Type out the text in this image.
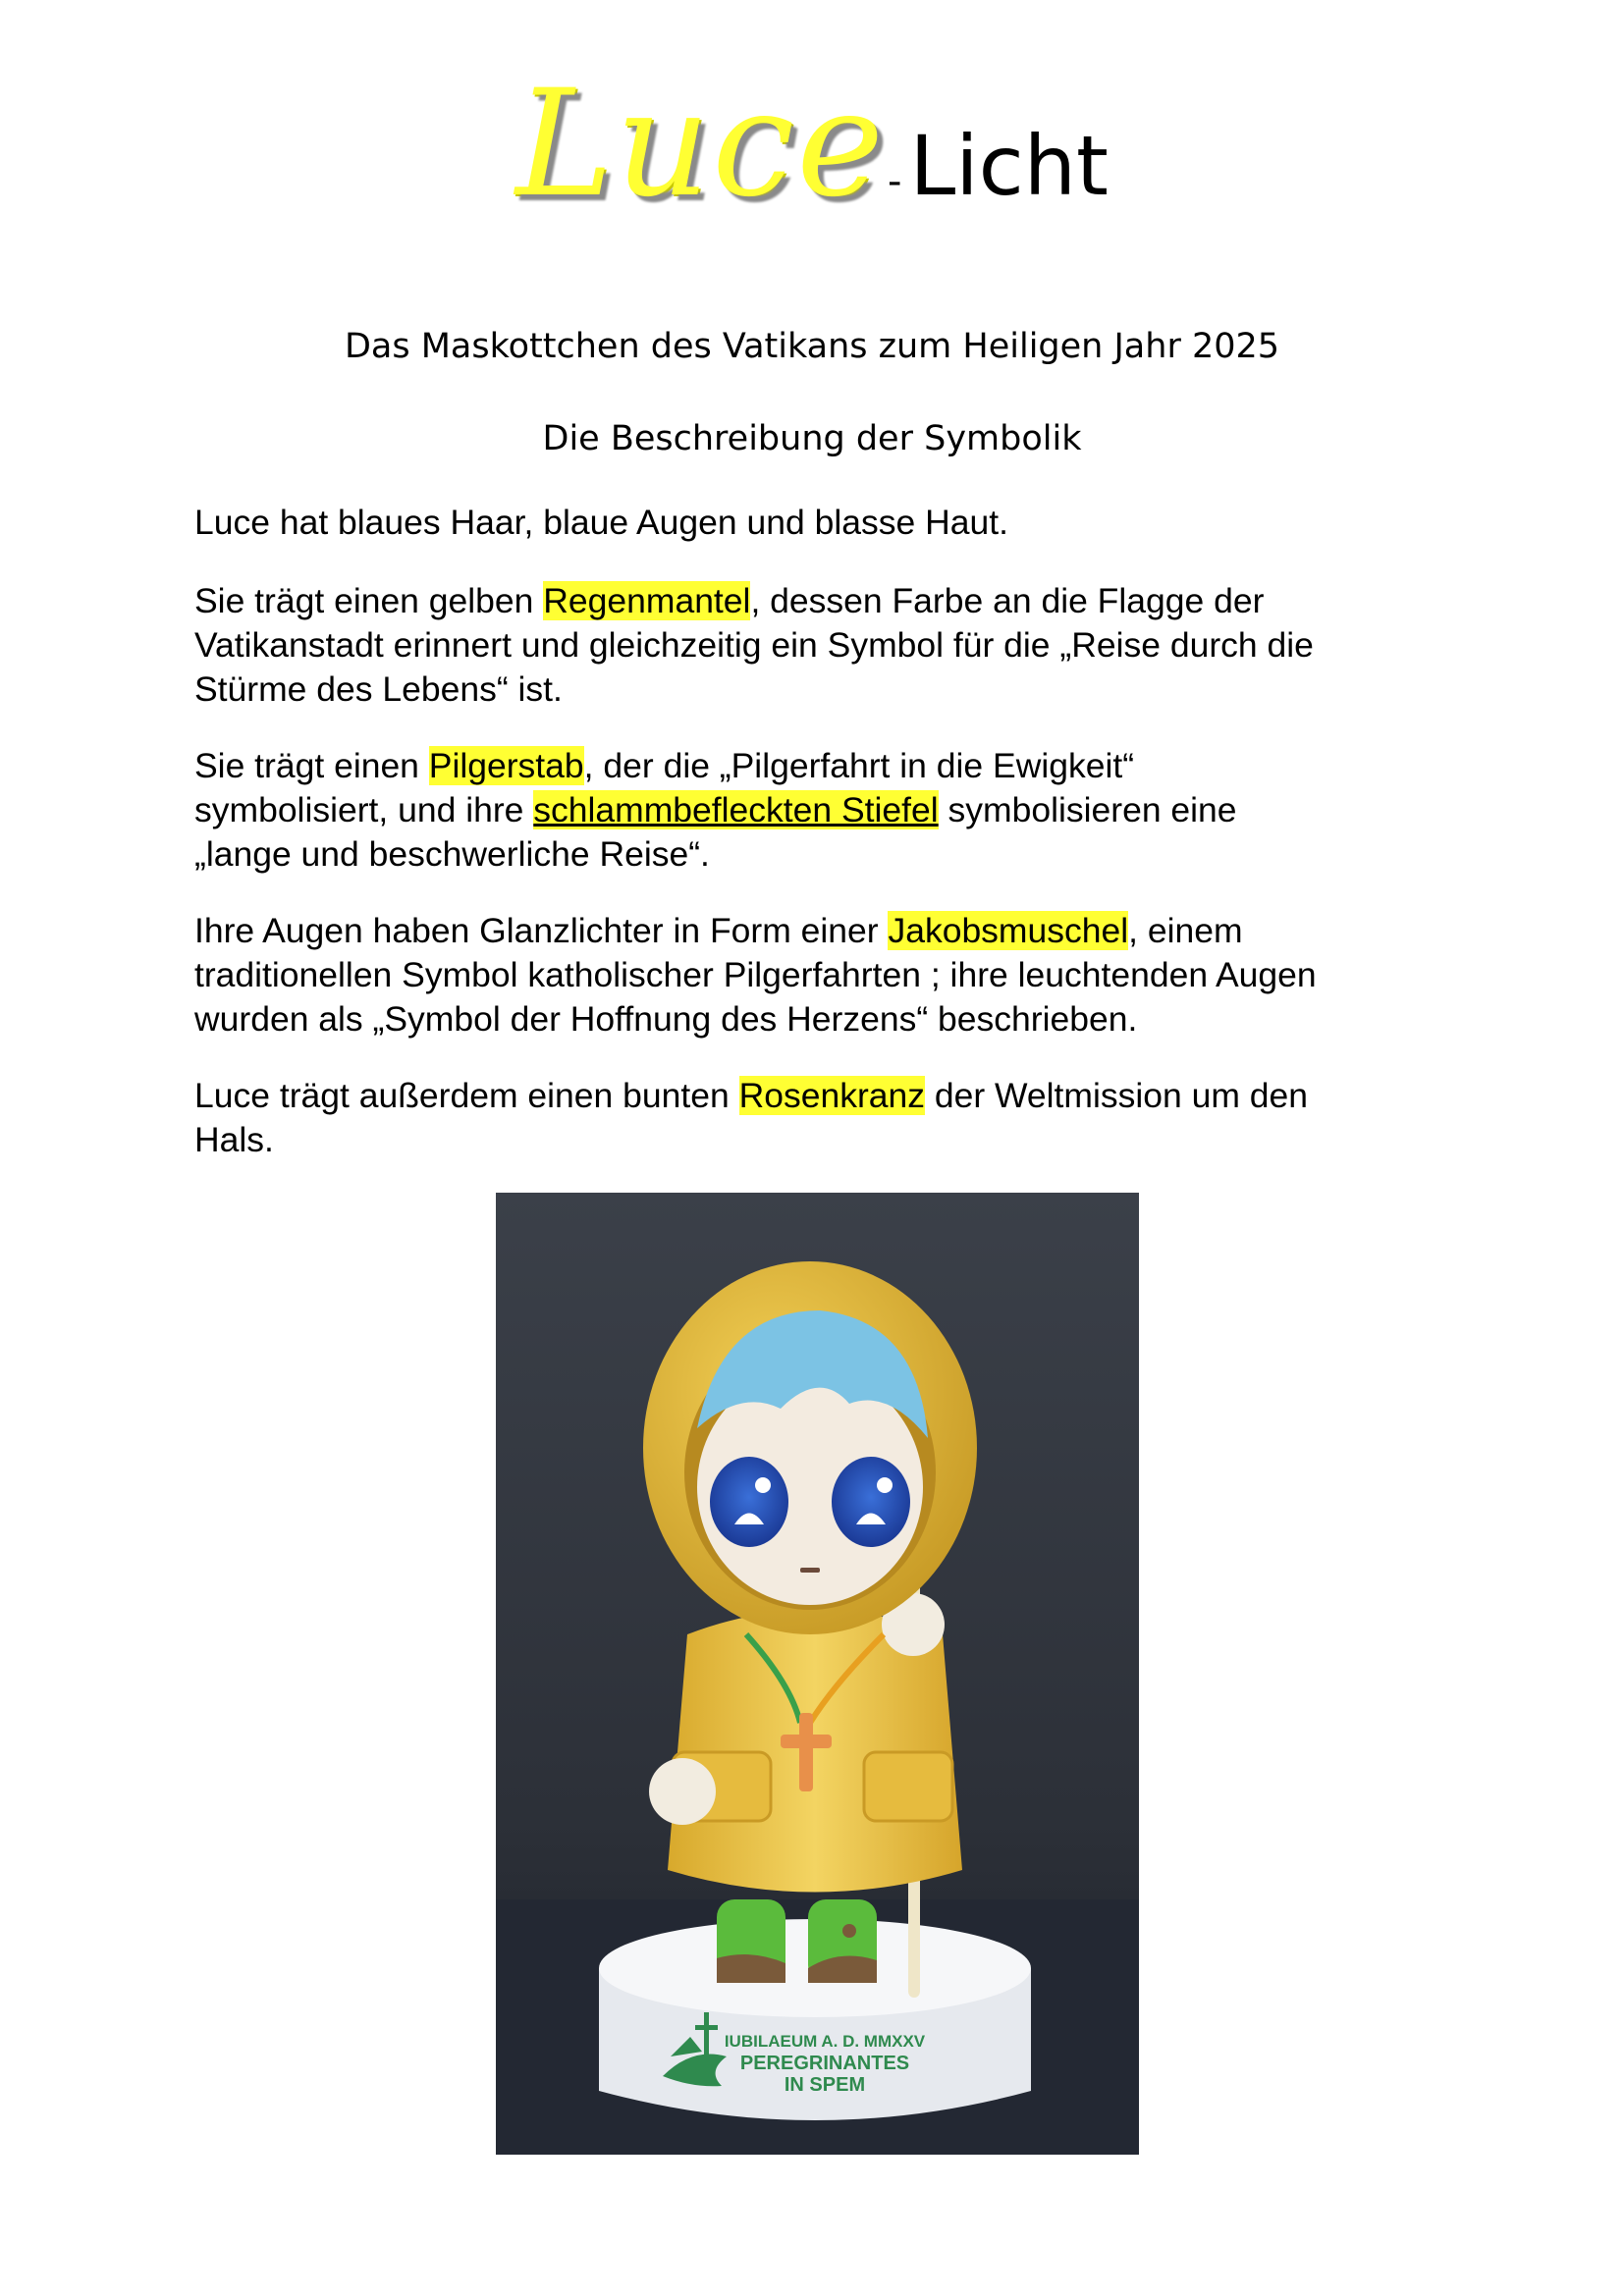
Luce-Licht
Das Maskottchen des Vatikans zum Heiligen Jahr 2025
Die Beschreibung der Symbolik
Luce hat blaues Haar, blaue Augen und blasse Haut.
Sie trägt einen gelben Regenmantel, dessen Farbe an die Flagge der
Vatikanstadt erinnert und gleichzeitig ein Symbol für die „Reise durch die
Stürme des Lebens“ ist.
Sie trägt einen Pilgerstab, der die „Pilgerfahrt in die Ewigkeit“
symbolisiert, und ihre schlammbefleckten Stiefel symbolisieren eine
„lange und beschwerliche Reise“.
Ihre Augen haben Glanzlichter in Form einer Jakobsmuschel, einem
traditionellen Symbol katholischer Pilgerfahrten ; ihre leuchtenden Augen
wurden als „Symbol der Hoffnung des Herzens“ beschrieben.
Luce trägt außerdem einen bunten Rosenkranz der Weltmission um den
Hals.
IUBILAEUM A. D. MMXXV
PEREGRINANTES
IN SPEM
